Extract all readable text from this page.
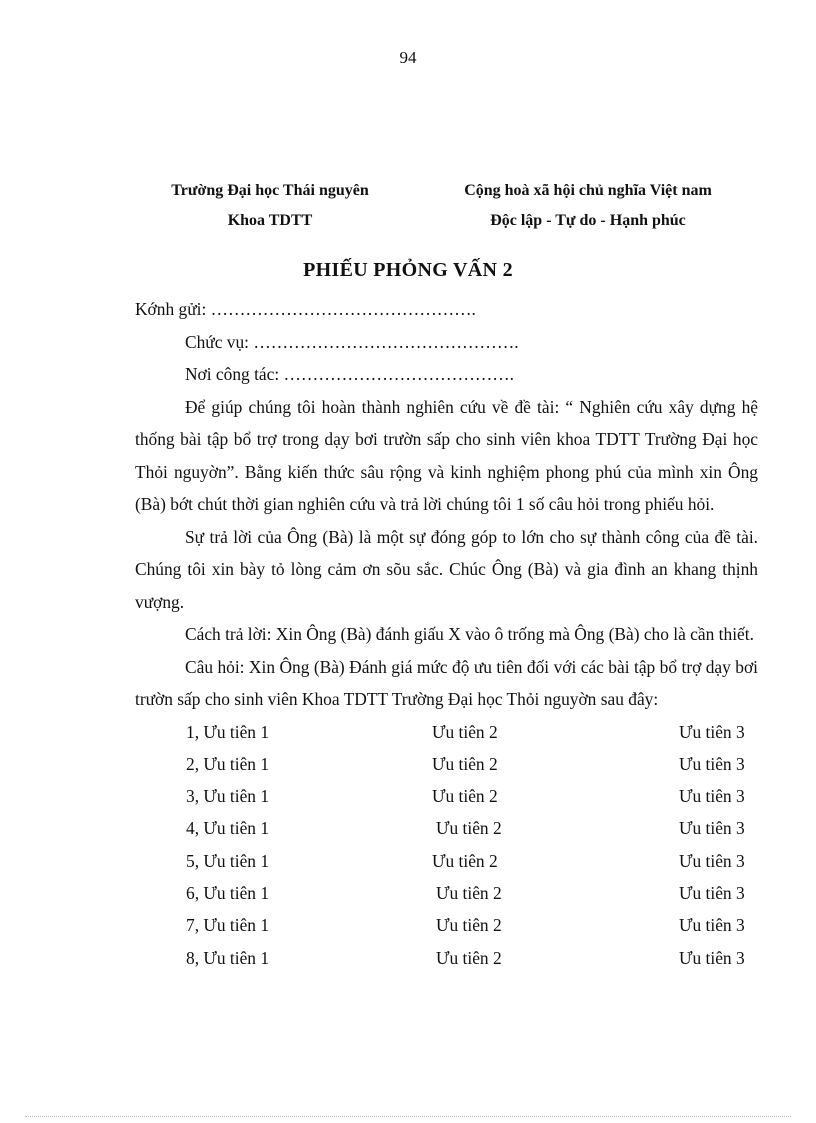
94
Trường Đại học Thái nguyên
Khoa TDTT
Cộng hoà xã hội chủ nghĩa Việt nam
Độc lập - Tự do - Hạnh phúc
PHIẾU PHỎNG VẤN 2

Kớnh gửi: ……………………………………….

Chức vụ: ……………………………………….

Nơi công tác: ………………………………….

Để giúp chúng tôi hoàn thành nghiên cứu về đề tài: “ Nghiên cứu xây dựng hệ thống bài tập bổ trợ trong dạy bơi trườn sấp cho sinh viên khoa TDTT Trường Đại học Thỏi nguyờn”. Bằng kiến thức sâu rộng và kinh nghiệm phong phú của mình xin Ông (Bà) bớt chút thời gian nghiên cứu và trả lời chúng tôi 1 số câu hỏi trong phiếu hỏi.

Sự trả lời của Ông (Bà) là một sự đóng góp to lớn cho sự thành công của đề tài. Chúng tôi xin bày tỏ lòng cảm ơn sõu sắc. Chúc Ông (Bà) và gia đình an khang thịnh vượng.

Cách trả lời: Xin Ông (Bà) đánh giấu X vào ô trống mà Ông (Bà) cho là cần thiết.

Câu hỏi: Xin Ông (Bà) Đánh giá mức độ ưu tiên đối với các bài tập bổ trợ dạy bơi trườn sấp cho sinh viên Khoa TDTT Trường Đại học Thỏi nguyờn sau đây:

1, Ưu tiên 1	Ưu tiên 2	Ưu tiên 3
2, Ưu tiên 1	Ưu tiên 2	Ưu tiên 3
3, Ưu tiên 1	Ưu tiên 2	Ưu tiên 3
4, Ưu tiên 1	Ưu tiên 2	Ưu tiên 3
5, Ưu tiên 1	Ưu tiên 2	Ưu tiên 3
6, Ưu tiên 1	Ưu tiên 2	Ưu tiên 3
7, Ưu tiên 1	Ưu tiên 2	Ưu tiên 3
8, Ưu tiên 1	Ưu tiên 2	Ưu tiên 3
